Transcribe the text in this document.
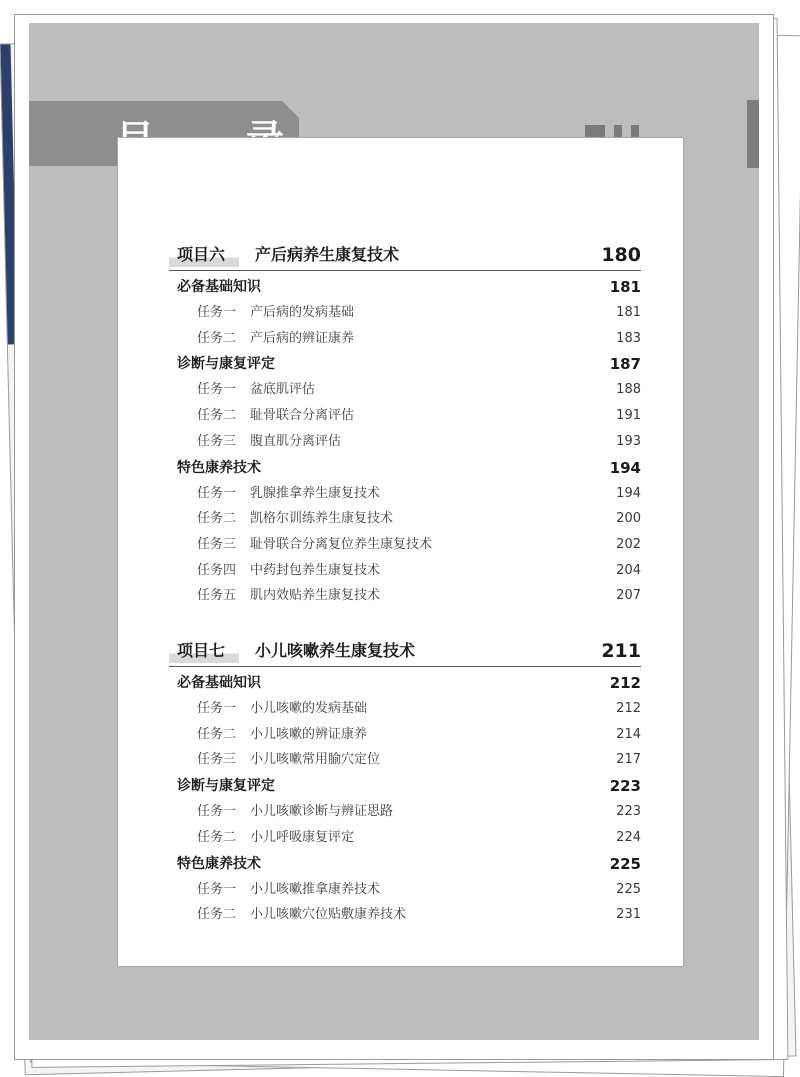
项目六 产后病养生康复技术	180
必备基础知识	181
任务一 产后病的发病基础	181
任务二 产后病的辨证康养	183
诊断与康复评定	187
任务一 盆底肌评估	188
任务二 耻骨联合分离评估	191
任务三 腹直肌分离评估	193
特色康养技术	194
任务一 乳腺推拿养生康复技术	194
任务二 凯格尔训练养生康复技术	200
任务三 耻骨联合分离复位养生康复技术	202
任务四 中药封包养生康复技术	204
任务五 肌内效贴养生康复技术	207
项目七 小儿咳嗽养生康复技术	211
必备基础知识	212
任务一 小儿咳嗽的发病基础	212
任务二 小儿咳嗽的辨证康养	214
任务三 小儿咳嗽常用腧穴定位	217
诊断与康复评定	223
任务一 小儿咳嗽诊断与辨证思路	223
任务二 小儿呼吸康复评定	224
特色康养技术	225
任务一 小儿咳嗽推拿康养技术	225
任务二 小儿咳嗽穴位贴敷康养技术	231
